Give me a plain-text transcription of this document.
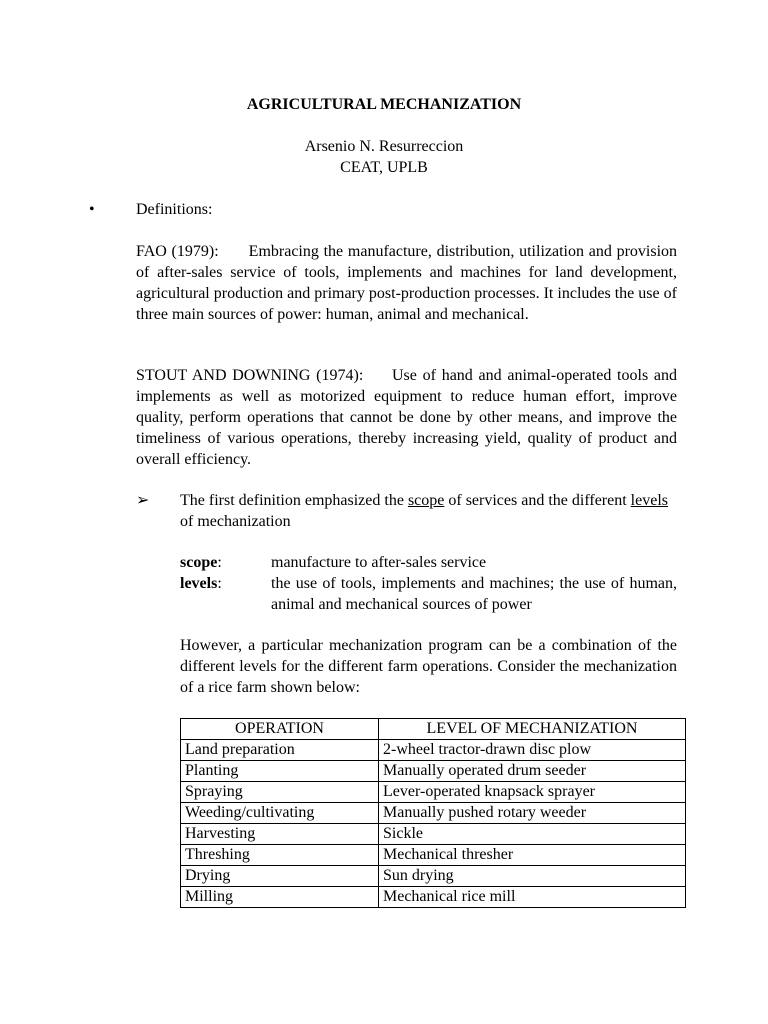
AGRICULTURAL MECHANIZATION
Arsenio N. Resurreccion
CEAT, UPLB
•	Definitions:
FAO (1979): Embracing the manufacture, distribution, utilization and provision of after-sales service of tools, implements and machines for land development, agricultural production and primary post-production processes. It includes the use of three main sources of power: human, animal and mechanical.
STOUT AND DOWNING (1974): Use of hand and animal-operated tools and implements as well as motorized equipment to reduce human effort, improve quality, perform operations that cannot be done by other means, and improve the timeliness of various operations, thereby increasing yield, quality of product and overall efficiency.
➢ The first definition emphasized the scope of services and the different levels of mechanization
scope:	manufacture to after-sales service
levels:	the use of tools, implements and machines; the use of human, animal and mechanical sources of power
However, a particular mechanization program can be a combination of the different levels for the different farm operations. Consider the mechanization of a rice farm shown below:
OPERATION	LEVEL OF MECHANIZATION
Land preparation	2-wheel tractor-drawn disc plow
Planting	Manually operated drum seeder
Spraying	Lever-operated knapsack sprayer
Weeding/cultivating	Manually pushed rotary weeder
Harvesting	Sickle
Threshing	Mechanical thresher
Drying	Sun drying
Milling	Mechanical rice mill
